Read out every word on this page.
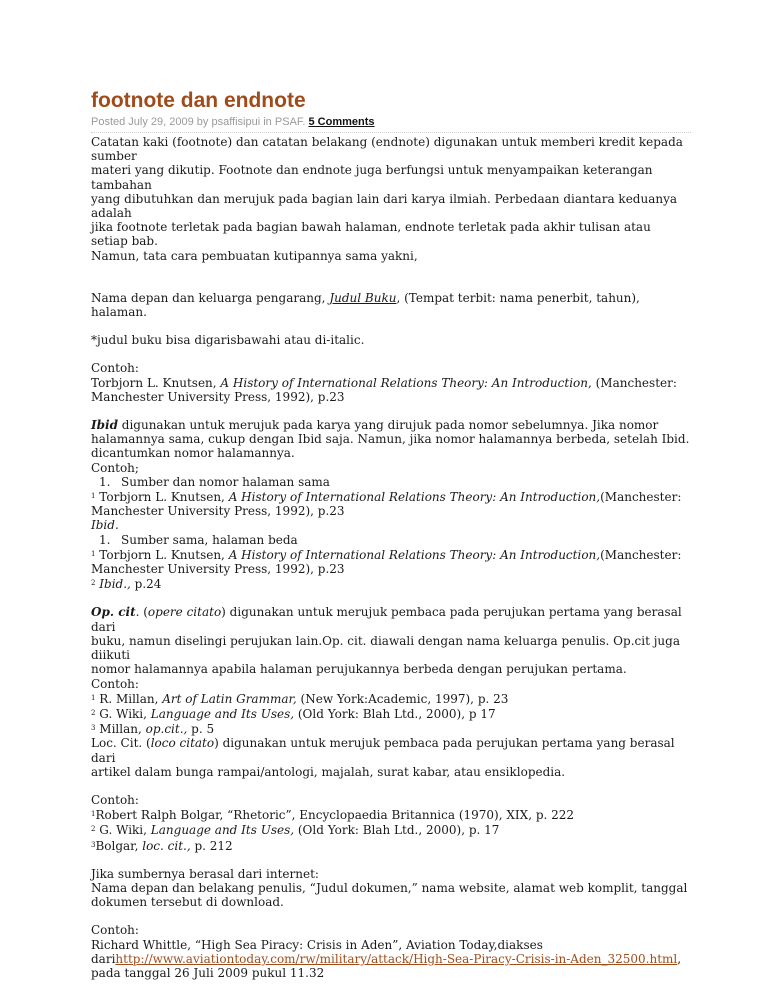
footnote dan endnote
Posted July 29, 2009 by psaffisipui in PSAF. 5 Comments

Catatan kaki (footnote) dan catatan belakang (endnote) digunakan untuk memberi kredit kepada sumber

materi yang dikutip. Footnote dan endnote juga berfungsi untuk menyampaikan keterangan tambahan

yang dibutuhkan dan merujuk pada bagian lain dari karya ilmiah. Perbedaan diantara keduanya adalah

jika footnote terletak pada bagian bawah halaman, endnote terletak pada akhir tulisan atau setiap bab.

Namun, tata cara pembuatan kutipannya sama yakni,

Nama depan dan keluarga pengarang, Judul Buku, (Tempat terbit: nama penerbit, tahun), halaman.

*judul buku bisa digarisbawahi atau di-italic.

Contoh:

Torbjorn L. Knutsen, A History of International Relations Theory: An Introduction, (Manchester:

Manchester University Press, 1992), p.23

Ibid digunakan untuk merujuk pada karya yang dirujuk pada nomor sebelumnya. Jika nomor

halamannya sama, cukup dengan Ibid saja. Namun, jika nomor halamannya berbeda, setelah Ibid.

dicantumkan nomor halamannya.

Contoh;

1. Sumber dan nomor halaman sama

$^1$ Torbjorn L. Knutsen, A History of International Relations Theory: An Introduction,(Manchester:

Manchester University Press, 1992), p.23

Ibid.

1. Sumber sama, halaman beda

$^1$ Torbjorn L. Knutsen, A History of International Relations Theory: An Introduction,(Manchester:

Manchester University Press, 1992), p.23

$^2$ Ibid., p.24

Op. cit. (opere citato) digunakan untuk merujuk pembaca pada perujukan pertama yang berasal dari

buku, namun diselingi perujukan lain.Op. cit. diawali dengan nama keluarga penulis. Op.cit juga diikuti

nomor halamannya apabila halaman perujukannya berbeda dengan perujukan pertama.

Contoh:

$^1$ R. Millan, Art of Latin Grammar, (New York:Academic, 1997), p. 23

$^2$ G. Wiki, Language and Its Uses, (Old York: Blah Ltd., 2000), p 17

$^3$ Millan, op.cit., p. 5

Loc. Cit. (loco citato) digunakan untuk merujuk pembaca pada perujukan pertama yang berasal dari

artikel dalam bunga rampai/antologi, majalah, surat kabar, atau ensiklopedia.

Contoh:

$^1$Robert Ralph Bolgar, “Rhetoric”, Encyclopaedia Britannica (1970), XIX, p. 222

$^2$ G. Wiki, Language and Its Uses, (Old York: Blah Ltd., 2000), p. 17

$^3$Bolgar, loc. cit., p. 212

Jika sumbernya berasal dari internet:

Nama depan dan belakang penulis, “Judul dokumen,” nama website, alamat web komplit, tanggal

dokumen tersebut di download.

Contoh:

Richard Whittle, “High Sea Piracy: Crisis in Aden”, Aviation Today,diakses

darihttp://www.aviationtoday.com/rw/military/attack/High-Sea-Piracy-Crisis-in-Aden_32500.html,

pada tanggal 26 Juli 2009 pukul 11.32
